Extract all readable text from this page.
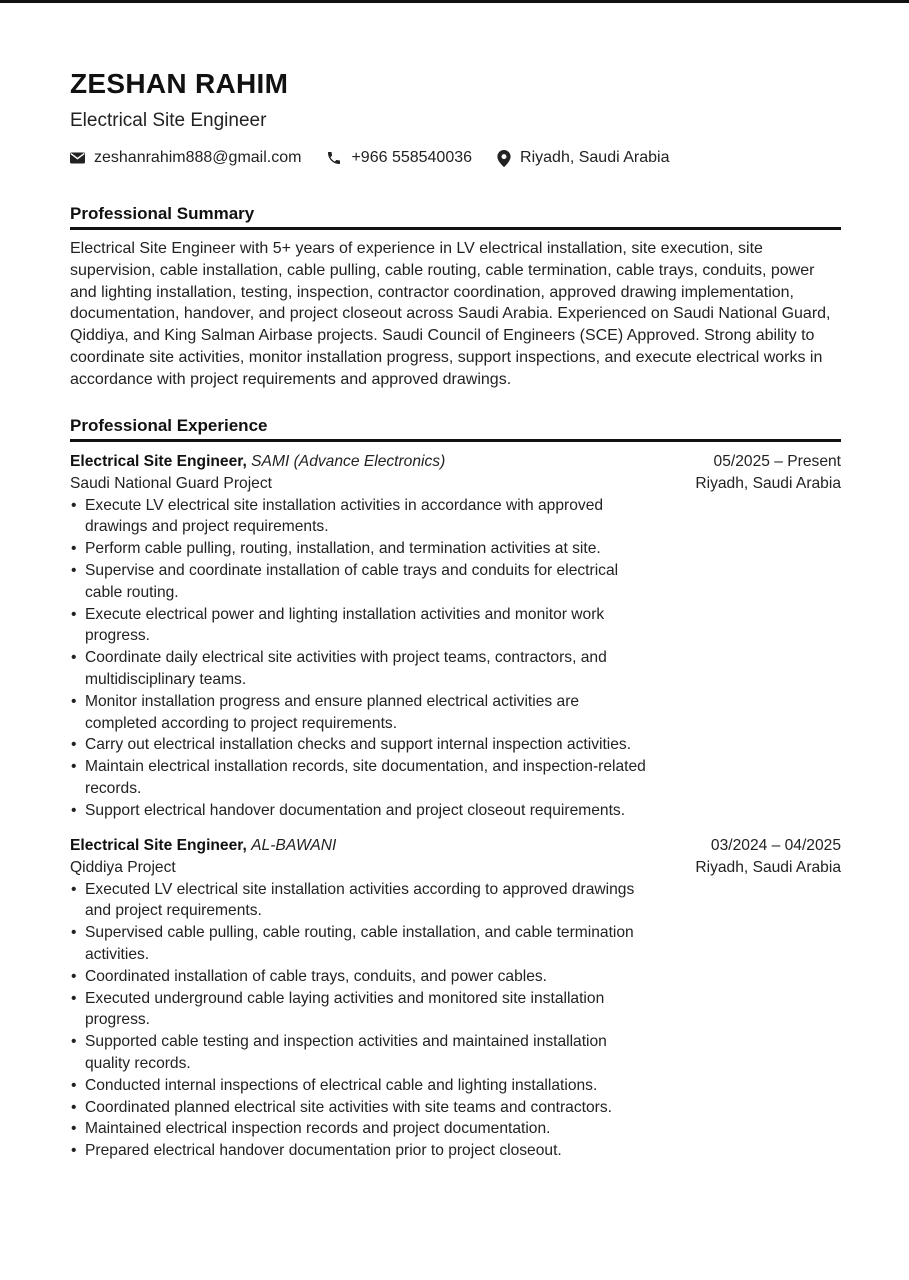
ZESHAN RAHIM
Electrical Site Engineer
zeshanrahim888@gmail.com	+966 558540036	Riyadh, Saudi Arabia
Professional Summary

Electrical Site Engineer with 5+ years of experience in LV electrical installation, site execution, site supervision, cable installation, cable pulling, cable routing, cable termination, cable trays, conduits, power and lighting installation, testing, inspection, contractor coordination, approved drawing implementation, documentation, handover, and project closeout across Saudi Arabia. Experienced on Saudi National Guard, Qiddiya, and King Salman Airbase projects. Saudi Council of Engineers (SCE) Approved. Strong ability to coordinate site activities, monitor installation progress, support inspections, and execute electrical works in accordance with project requirements and approved drawings.

Professional Experience
Electrical Site Engineer, SAMI (Advance Electronics)	05/2025 – Present
Saudi National Guard Project	Riyadh, Saudi Arabia
• Execute LV electrical site installation activities in accordance with approved drawings and project requirements.
• Perform cable pulling, routing, installation, and termination activities at site.
• Supervise and coordinate installation of cable trays and conduits for electrical cable routing.
• Execute electrical power and lighting installation activities and monitor work progress.
• Coordinate daily electrical site activities with project teams, contractors, and multidisciplinary teams.
• Monitor installation progress and ensure planned electrical activities are completed according to project requirements.
• Carry out electrical installation checks and support internal inspection activities.
• Maintain electrical installation records, site documentation, and inspection-related records.
• Support electrical handover documentation and project closeout requirements.
Electrical Site Engineer, AL-BAWANI	03/2024 – 04/2025
Qiddiya Project	Riyadh, Saudi Arabia
• Executed LV electrical site installation activities according to approved drawings and project requirements.
• Supervised cable pulling, cable routing, cable installation, and cable termination activities.
• Coordinated installation of cable trays, conduits, and power cables.
• Executed underground cable laying activities and monitored site installation progress.
• Supported cable testing and inspection activities and maintained installation quality records.
• Conducted internal inspections of electrical cable and lighting installations.
• Coordinated planned electrical site activities with site teams and contractors.
• Maintained electrical inspection records and project documentation.
• Prepared electrical handover documentation prior to project closeout.
